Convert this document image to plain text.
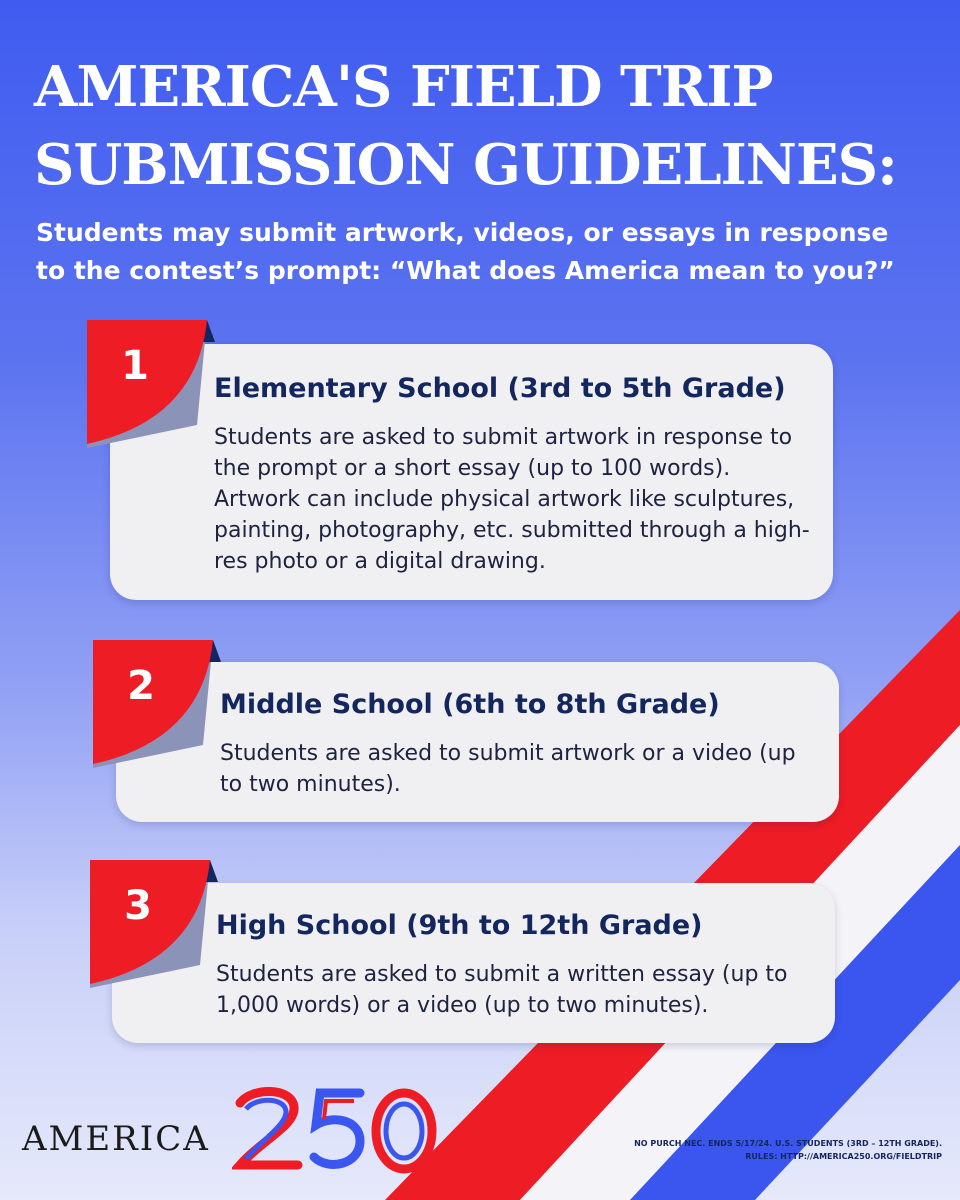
AMERICA'S FIELD TRIP
SUBMISSION GUIDELINES:

Students may submit artwork, videos, or essays in response to the contest’s prompt: “What does America mean to you?”

Elementary School (3rd to 5th Grade)

Students are asked to submit artwork in response to the prompt or a short essay (up to 100 words). Artwork can include physical artwork like sculptures, painting, photography, etc. submitted through a high-res photo or a digital drawing.

1

Middle School (6th to 8th Grade)

Students are asked to submit artwork or a video (up to two minutes).

2

High School (9th to 12th Grade)

Students are asked to submit a written essay (up to 1,000 words) or a video (up to two minutes).

3
AMERICA	NO PURCH NEC. ENDS 5/17/24. U.S. STUDENTS (3RD – 12TH GRADE).
RULES: HTTP://AMERICA250.ORG/FIELDTRIP
